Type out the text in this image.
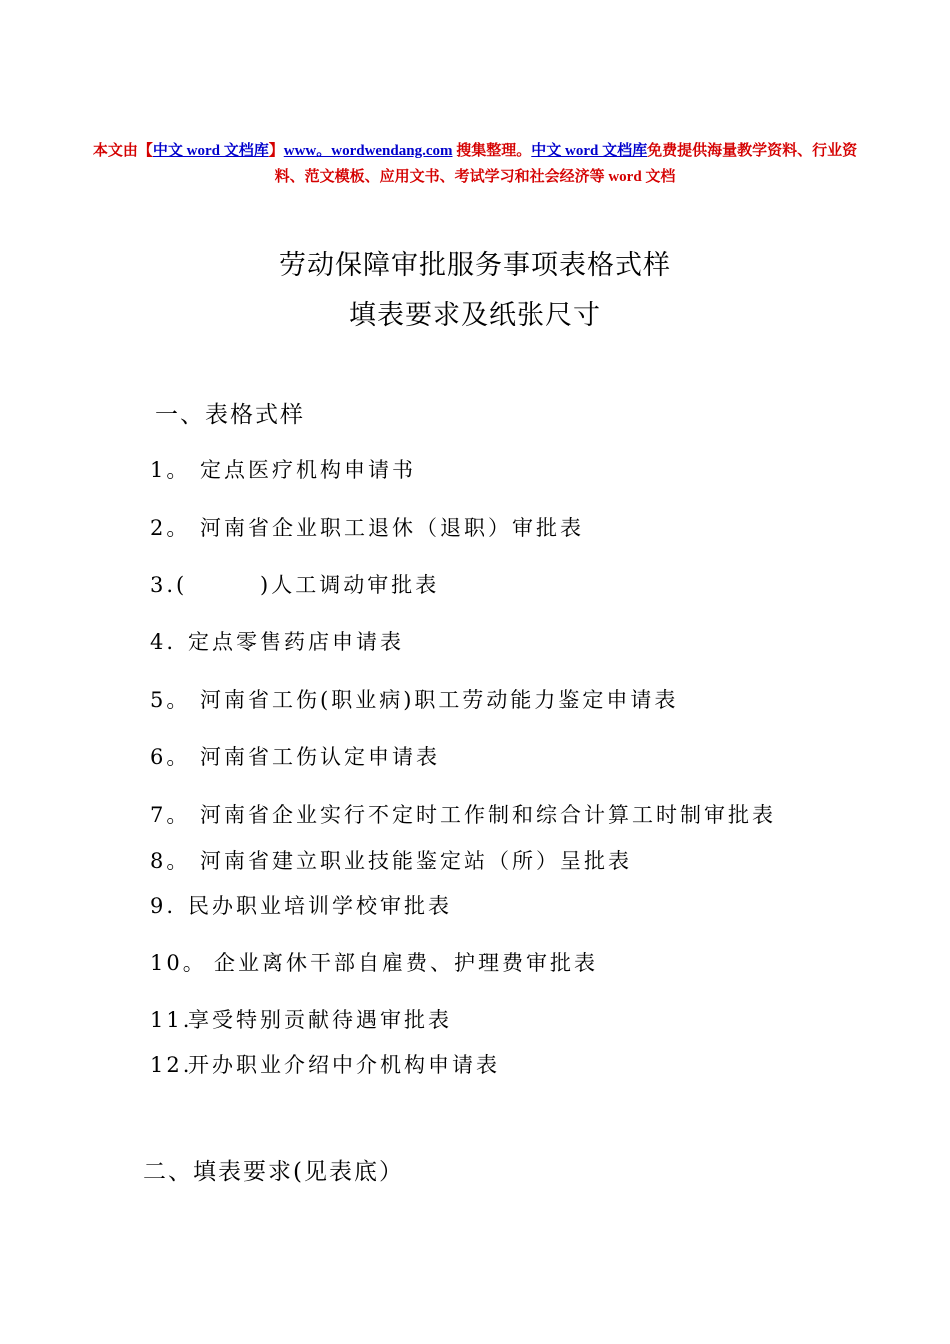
本文由【中文 word 文档库】www。wordwendang.com 搜集整理。中文 word 文档库免费提供海量教学资料、行业资料、范文模板、应用文书、考试学习和社会经济等 word 文档
劳动保障审批服务事项表格式样
填表要求及纸张尺寸
一、表格式样
1。 定点医疗机构申请书
2。 河南省企业职工退休（退职）审批表
3.(	)人工调动审批表
4. 定点零售药店申请表
5。 河南省工伤(职业病)职工劳动能力鉴定申请表
6。 河南省工伤认定申请表
7。 河南省企业实行不定时工作制和综合计算工时制审批表
8。 河南省建立职业技能鉴定站（所）呈批表
9. 民办职业培训学校审批表
10。 企业离休干部自雇费、护理费审批表
11.享受特别贡献待遇审批表
12.开办职业介绍中介机构申请表
二、填表要求(见表底）
